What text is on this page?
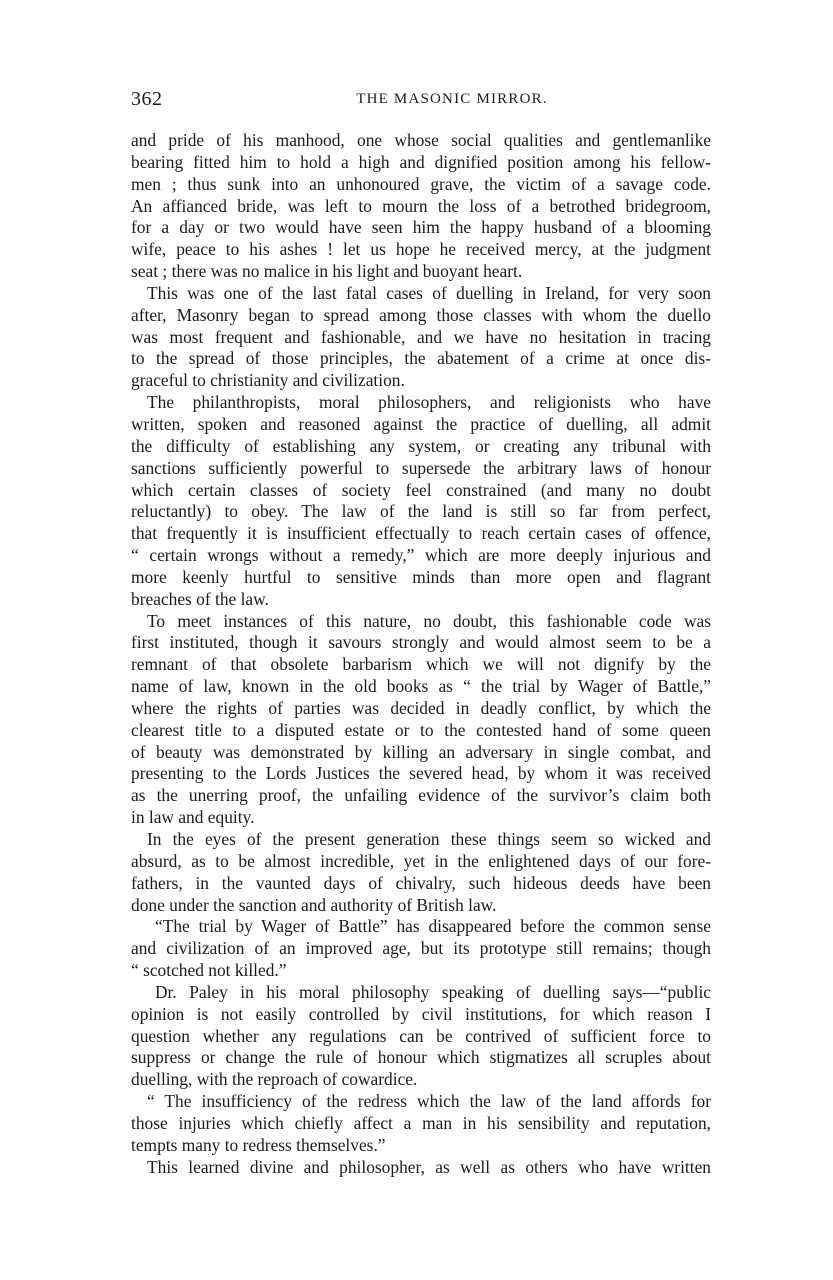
362	THE MASONIC MIRROR.
and pride of his manhood, one whose social qualities and gentlemanlike
bearing fitted him to hold a high and dignified position among his fellow-
men ; thus sunk into an unhonoured grave, the victim of a savage code.
An affianced bride, was left to mourn the loss of a betrothed bridegroom,
for a day or two would have seen him the happy husband of a blooming
wife, peace to his ashes ! let us hope he received mercy, at the judgment
seat ; there was no malice in his light and buoyant heart.
This was one of the last fatal cases of duelling in Ireland, for very soon
after, Masonry began to spread among those classes with whom the duello
was most frequent and fashionable, and we have no hesitation in tracing
to the spread of those principles, the abatement of a crime at once dis-
graceful to christianity and civilization.
The philanthropists, moral philosophers, and religionists who have
written, spoken and reasoned against the practice of duelling, all admit
the difficulty of establishing any system, or creating any tribunal with
sanctions sufficiently powerful to supersede the arbitrary laws of honour
which certain classes of society feel constrained (and many no doubt
reluctantly) to obey. The law of the land is still so far from perfect,
that frequently it is insufficient effectually to reach certain cases of offence,
“ certain wrongs without a remedy,” which are more deeply injurious and
more keenly hurtful to sensitive minds than more open and flagrant
breaches of the law.
To meet instances of this nature, no doubt, this fashionable code was
first instituted, though it savours strongly and would almost seem to be a
remnant of that obsolete barbarism which we will not dignify by the
name of law, known in the old books as “ the trial by Wager of Battle,”
where the rights of parties was decided in deadly conflict, by which the
clearest title to a disputed estate or to the contested hand of some queen
of beauty was demonstrated by killing an adversary in single combat, and
presenting to the Lords Justices the severed head, by whom it was received
as the unerring proof, the unfailing evidence of the survivor’s claim both
in law and equity.
In the eyes of the present generation these things seem so wicked and
absurd, as to be almost incredible, yet in the enlightened days of our fore-
fathers, in the vaunted days of chivalry, such hideous deeds have been
done under the sanction and authority of British law.
“The trial by Wager of Battle” has disappeared before the common sense
and civilization of an improved age, but its prototype still remains; though
“ scotched not killed.”
Dr. Paley in his moral philosophy speaking of duelling says—“public
opinion is not easily controlled by civil institutions, for which reason I
question whether any regulations can be contrived of sufficient force to
suppress or change the rule of honour which stigmatizes all scruples about
duelling, with the reproach of cowardice.
“ The insufficiency of the redress which the law of the land affords for
those injuries which chiefly affect a man in his sensibility and reputation,
tempts many to redress themselves.”
This learned divine and philosopher, as well as others who have written
